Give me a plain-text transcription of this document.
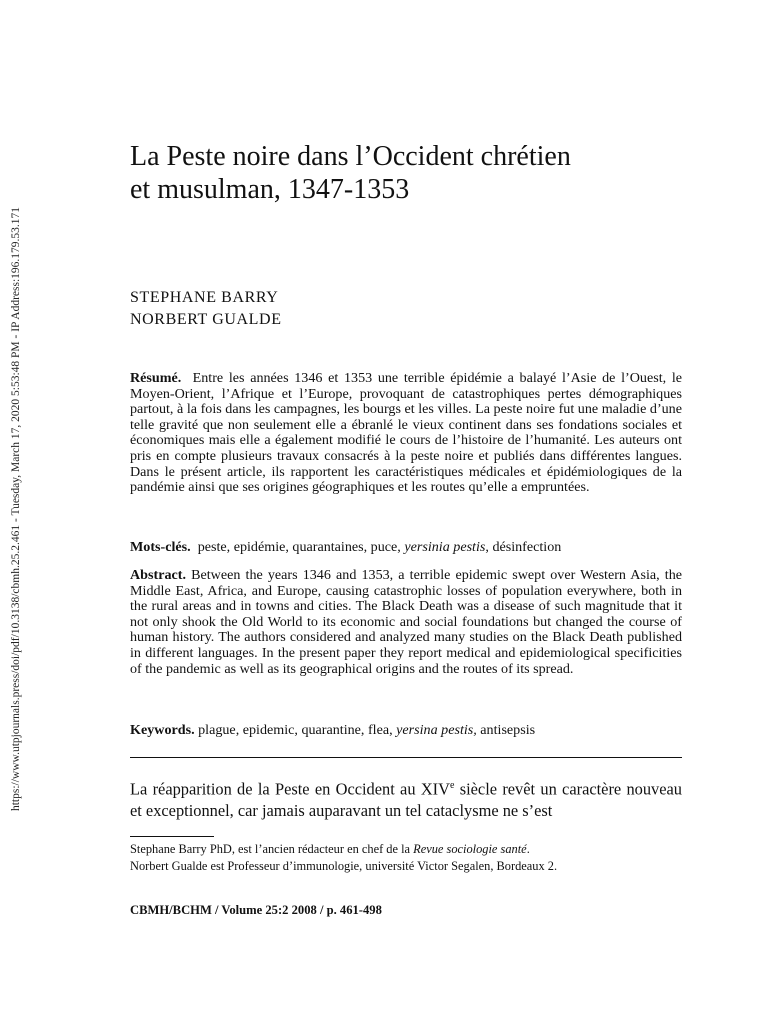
https://www.utpjournals.press/doi/pdf/10.3138/cbmh.25.2.461 - Tuesday, March 17, 2020 5:53:48 PM - IP Address:196.179.53.171
La Peste noire dans l’Occident chrétien
et musulman, 1347-1353
STEPHANE BARRY
NORBERT GUALDE
Résumé. Entre les années 1346 et 1353 une terrible épidémie a balayé l’Asie de l’Ouest, le Moyen-Orient, l’Afrique et l’Europe, provoquant de catastrophiques pertes démographiques partout, à la fois dans les campagnes, les bourgs et les villes. La peste noire fut une maladie d’une telle gravité que non seulement elle a ébranlé le vieux continent dans ses fondations sociales et économiques mais elle a également modifié le cours de l’histoire de l’humanité. Les auteurs ont pris en compte plusieurs travaux consacrés à la peste noire et publiés dans différentes langues. Dans le présent article, ils rapportent les caractéristiques médicales et épidémiologiques de la pandémie ainsi que ses origines géographiques et les routes qu’elle a empruntées.
Mots-clés. peste, epidémie, quarantaines, puce, yersinia pestis, désinfection
Abstract. Between the years 1346 and 1353, a terrible epidemic swept over Western Asia, the Middle East, Africa, and Europe, causing catastrophic losses of population everywhere, both in the rural areas and in towns and cities. The Black Death was a disease of such magnitude that it not only shook the Old World to its economic and social foundations but changed the course of human history. The authors considered and analyzed many studies on the Black Death published in different languages. In the present paper they report medical and epidemiological specificities of the pandemic as well as its geographical origins and the routes of its spread.
Keywords. plague, epidemic, quarantine, flea, yersina pestis, antisepsis
La réapparition de la Peste en Occident au XIVe siècle revêt un caractère nouveau et exceptionnel, car jamais auparavant un tel cataclysme ne s’est
Stephane Barry PhD, est l’ancien rédacteur en chef de la Revue sociologie santé.
Norbert Gualde est Professeur d’immunologie, université Victor Segalen, Bordeaux 2.
CBMH/BCHM / Volume 25:2 2008 / p. 461-498
